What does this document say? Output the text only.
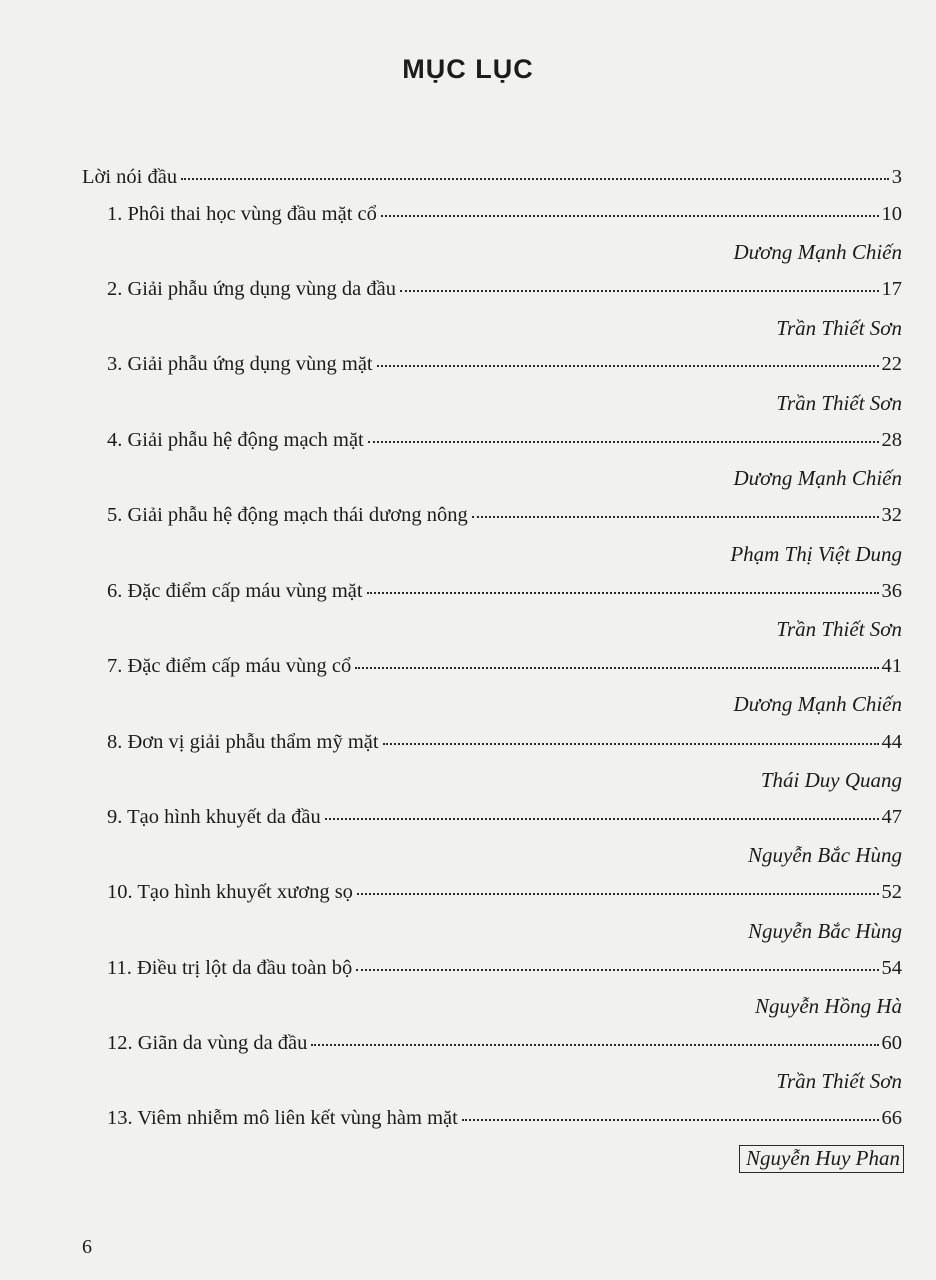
MỤC LỤC
Lời nói đầu	3
1. Phôi thai học vùng đầu mặt cổ	10
Dương Mạnh Chiến
2. Giải phẫu ứng dụng vùng da đầu	17
Trần Thiết Sơn
3. Giải phẫu ứng dụng vùng mặt	22
Trần Thiết Sơn
4. Giải phẫu hệ động mạch mặt	28
Dương Mạnh Chiến
5. Giải phẫu hệ động mạch thái dương nông	32
Phạm Thị Việt Dung
6. Đặc điểm cấp máu vùng mặt	36
Trần Thiết Sơn
7. Đặc điểm cấp máu vùng cổ	41
Dương Mạnh Chiến
8. Đơn vị giải phẫu thẩm mỹ mặt	44
Thái Duy Quang
9. Tạo hình khuyết da đầu	47
Nguyễn Bắc Hùng
10. Tạo hình khuyết xương sọ	52
Nguyễn Bắc Hùng
11. Điều trị lột da đầu toàn bộ	54
Nguyễn Hồng Hà
12. Giãn da vùng da đầu	60
Trần Thiết Sơn
13. Viêm nhiễm mô liên kết vùng hàm mặt	66
Nguyễn Huy Phan
6
